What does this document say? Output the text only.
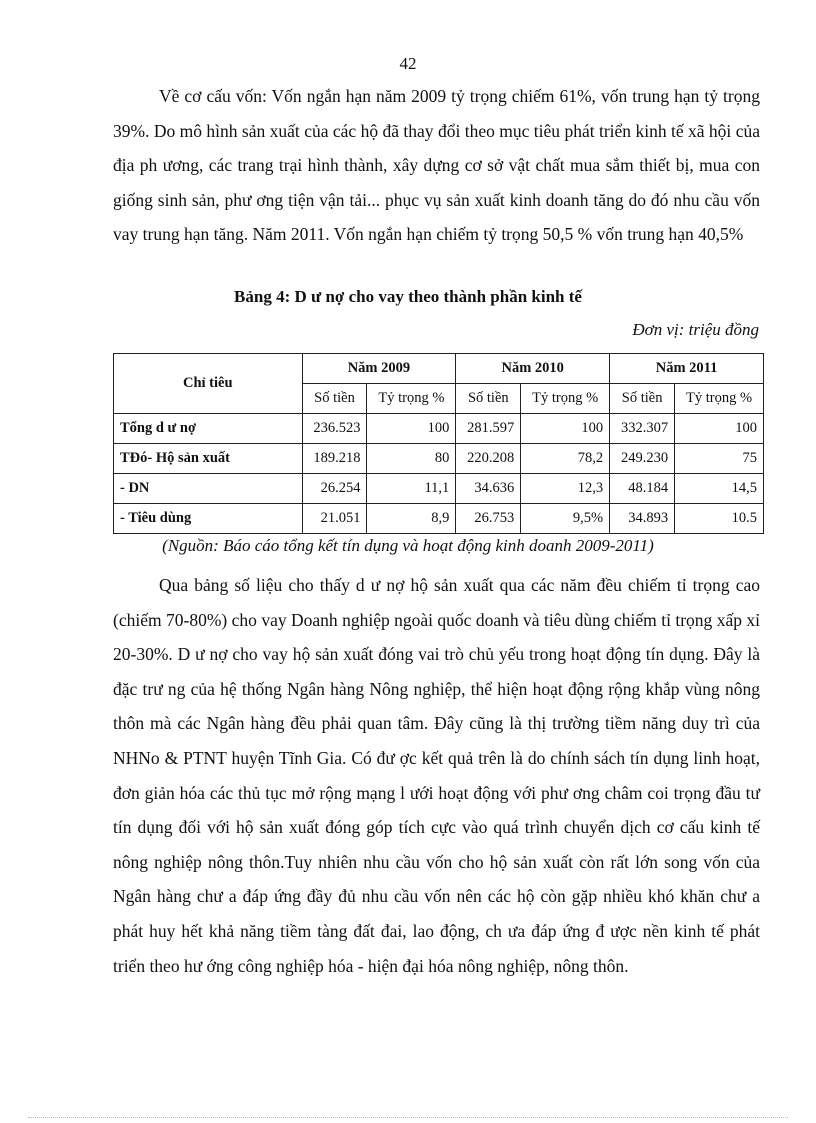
42

Về cơ cấu vốn: Vốn ngắn hạn năm 2009 tỷ trọng chiếm 61%, vốn trung hạn tỷ trọng 39%. Do mô hình sản xuất của các hộ đã thay đổi theo mục tiêu phát triển kinh tế xã hội của địa ph ương, các trang trại hình thành, xây dựng cơ sở vật chất mua sắm thiết bị, mua con giống sinh sản, phư ơng tiện vận tải... phục vụ sản xuất kinh doanh tăng do đó nhu cầu vốn vay trung hạn tăng. Năm 2011. Vốn ngắn hạn chiếm tỷ trọng 50,5 % vốn trung hạn 40,5%

Bảng 4: D ư nợ cho vay theo thành phần kinh tế
Đơn vị: triệu đồng
Chỉ tiêu	Năm 2009		Năm 2010		Năm 2011	
	Số tiền	Tỷ trọng %	Số tiền	Tỷ trọng %	Số tiền	Tỷ trọng %
Tổng d ư nợ	236.523	100	281.597	100	332.307	100
TĐó- Hộ sản xuất	189.218	80	220.208	78,2	249.230	75
- DN	26.254	11,1	34.636	12,3	48.184	14,5
- Tiêu dùng	21.051	8,9	26.753	9,5%	34.893	10.5
(Nguồn: Báo cáo tổng kết tín dụng và hoạt động kinh doanh 2009-2011)

Qua bảng số liệu cho thấy d ư nợ hộ sản xuất qua các năm đều chiếm tỉ trọng cao (chiếm 70-80%) cho vay Doanh nghiệp ngoài quốc doanh và tiêu dùng chiếm tỉ trọng xấp xỉ 20-30%. D ư nợ cho vay hộ sản xuất đóng vai trò chủ yếu trong hoạt động tín dụng. Đây là đặc trư ng của hệ thống Ngân hàng Nông nghiệp, thể hiện hoạt động rộng khắp vùng nông thôn mà các Ngân hàng đều phải quan tâm. Đây cũng là thị trường tiềm năng duy trì của NHNo & PTNT huyện Tĩnh Gia. Có đư ợc kết quả trên là do chính sách tín dụng linh hoạt, đơn giản hóa các thủ tục mở rộng mạng l ưới hoạt động với phư ơng châm coi trọng đầu tư tín dụng đối với hộ sản xuất đóng góp tích cực vào quá trình chuyển dịch cơ cấu kinh tế nông nghiệp nông thôn.Tuy nhiên nhu cầu vốn cho hộ sản xuất còn rất lớn song vốn của Ngân hàng chư a đáp ứng đầy đủ nhu cầu vốn nên các hộ còn gặp nhiều khó khăn chư a phát huy hết khả năng tiềm tàng đất đai, lao động, ch ưa đáp ứng đ ược nền kinh tế phát triển theo hư ớng công nghiệp hóa - hiện đại hóa nông nghiệp, nông thôn.
